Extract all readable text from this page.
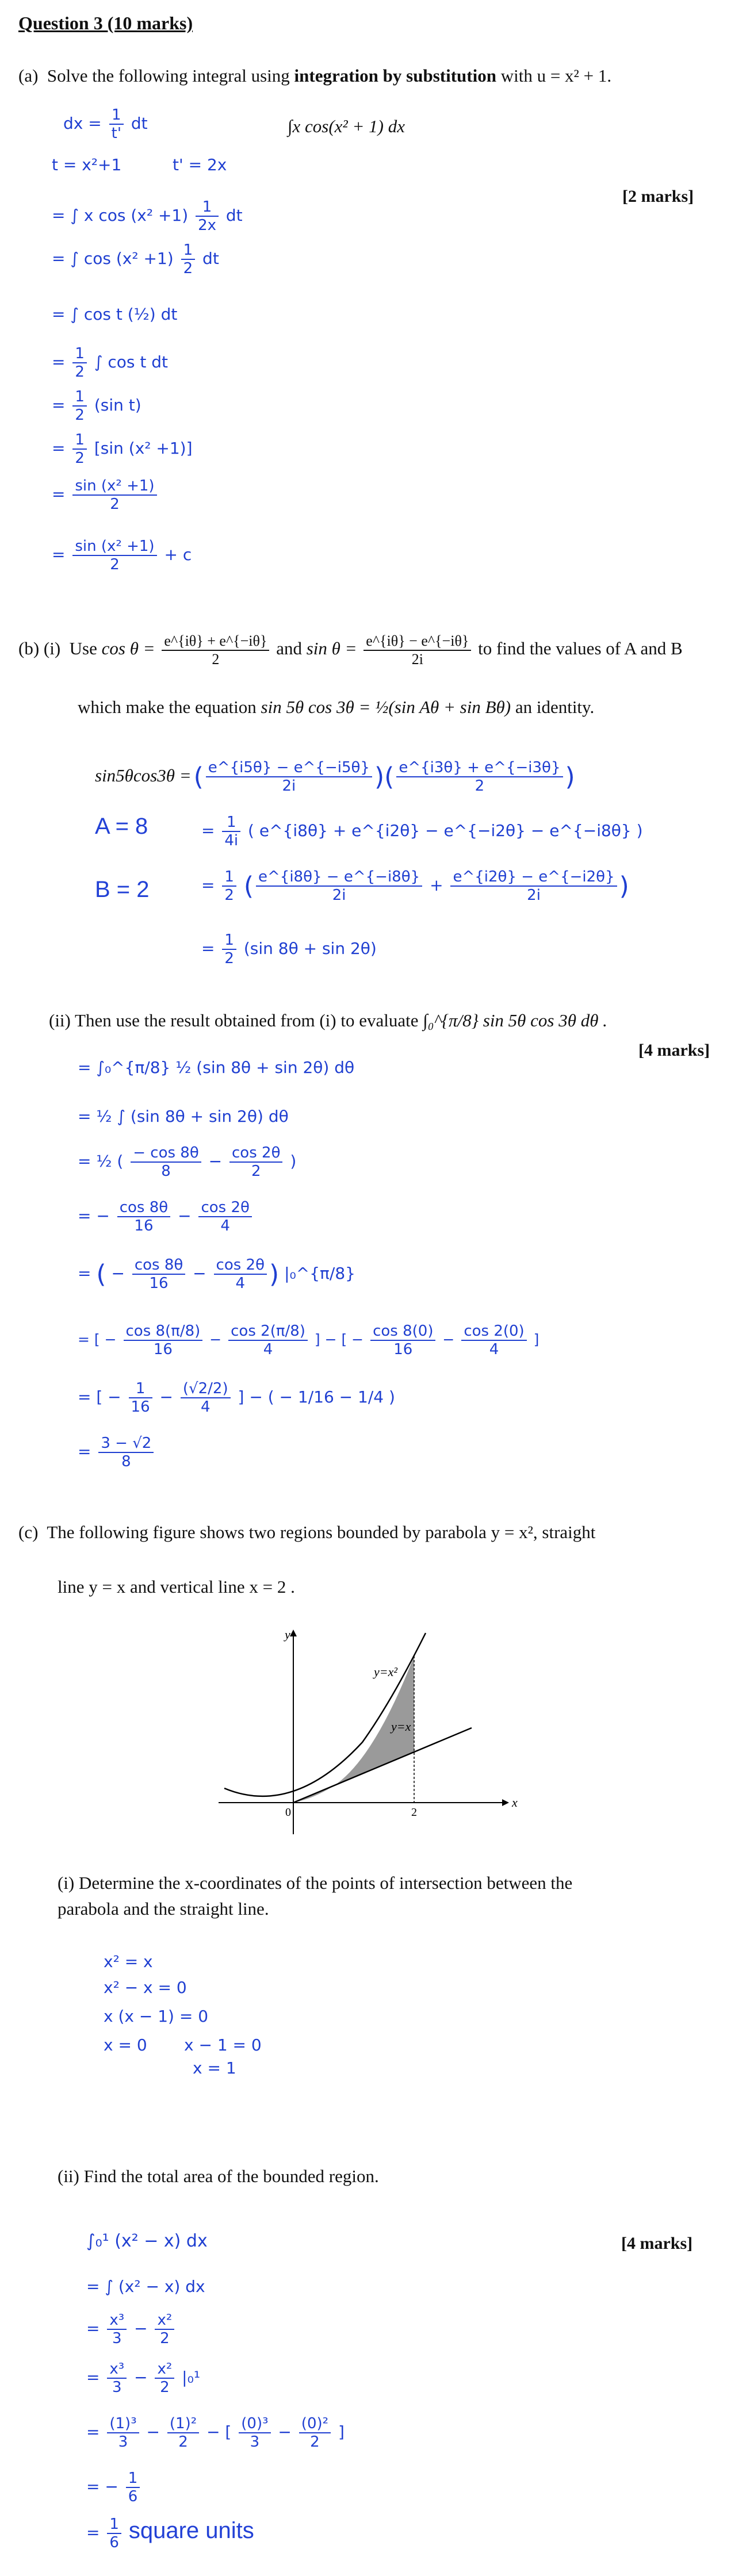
Question 3 (10 marks)
(a) Solve the following integral using integration by substitution with u = x² + 1.
dx = $\frac{1}{t'}$ dt	∫x cos(x² + 1) dx
t = x²+1	t' = 2x
[2 marks]
= ∫ x $\cos (x^2 +1) \frac{1}{2x}$ dt
= ∫ $\cos (x^2 +1) \frac{1}{2}$ dt
= ∫ cos t (½) dt
= $\frac{1}{2}$ ∫ cos t dt
= $\frac{1}{2} (\sin$ t)
= $\frac{1}{2} [\sin$ (x² +1)]
= $\frac{\text{sin (x² +1)}}{2}$
= $\frac{\text{sin (x² +1)}}{2} + c$
(b) (i) Use $\cos \theta = \frac{e\^{}\{i\theta\} + e\^{}\{-i\theta\}}{2}$ and $\sin \theta = \frac{e\^{}\{i\theta\} - e\^{}\{-i\theta\}}{2i}$ to find the values of A and B
which make the equation sin 5θ cos 3θ = ½(sin Aθ + sin Bθ) an identity.
sin5θcos3θ = ( $\frac{e\^{}\{i5\theta\} - e\^{}\{-i5\theta\}}{2i}$ )( $\frac{e\^{}\{i3\theta\} + e\^{}\{-i3\theta\}}{2}$ )
A = 8	= $\frac{1}{4i}$ ( e^{i8θ} + e^{i2θ} − e^{−i2θ} − e^{−i8θ} )
B = 2	= $\frac{1}{2}$ ( $\frac{e\^{}\{i8\theta\} - e\^{}\{-i8\theta\}}{2i} + \frac{e\^{}\{i2\theta\} - e\^{}\{-i2\theta\}}{2i}$ )
= $\frac{1}{2} (\sin$ 8θ + sin 2θ)
(ii) Then use the result obtained from (i) to evaluate ∫₀^{π/8} sin 5θ cos 3θ dθ .
[4 marks]
= ∫₀^{π/8} ½ (sin 8θ + sin 2θ) dθ
= ½ ∫ (sin 8θ + sin 2θ) dθ
= ½ ( $\frac{- \cos 8\theta}{8} - \frac{\cos 2\theta}{2}$ )
= − $\frac{\cos 8\theta}{16} - \frac{\cos 2\theta}{4}$
= ( − $\frac{\cos 8\theta}{16} - \frac{\cos 2\theta}{4}$ ) |₀^{π/8}
= [ − $\frac{\cos 8(\pi/8)}{16} - \frac{\cos 2(\pi/8)}{4}$ ] − [ − $\frac{\cos 8(0)}{16} - \frac{\cos 2(0)}{4}$ ]
= [ − $\frac{1}{16} - \frac{(√2/2)}{4}$ ] − ( − 1/16 − 1/4 )
= $\frac{3 - √2}{8}$
(c) The following figure shows two regions bounded by parabola y = x², straight
line y = x and vertical line x = 2 .
y
x
0	2
y=x²
y=x
(i) Determine the x-coordinates of the points of intersection between the
parabola and the straight line.
x² = x
x² − x = 0
x (x − 1) = 0
x = 0 x − 1 = 0
x = 1
(ii) Find the total area of the bounded region.
[4 marks]
∫₀¹ (x² − x) dx
= ∫ (x² − x) dx
= $\frac{\text{x³}}{3} - \frac{\text{x²}}{2}$
= $\frac{\text{x³}}{3} - \frac{\text{x²}}{2} |_0^1$
= $\frac{\text{(1)³}}{3} - \frac{\text{(1)²}}{2}$ − [ $\frac{\text{(0)³}}{3} - \frac{\text{(0)²}}{2}$ ]
= − $\frac{1}{6}$
= $\frac{1}{6}$ square units
